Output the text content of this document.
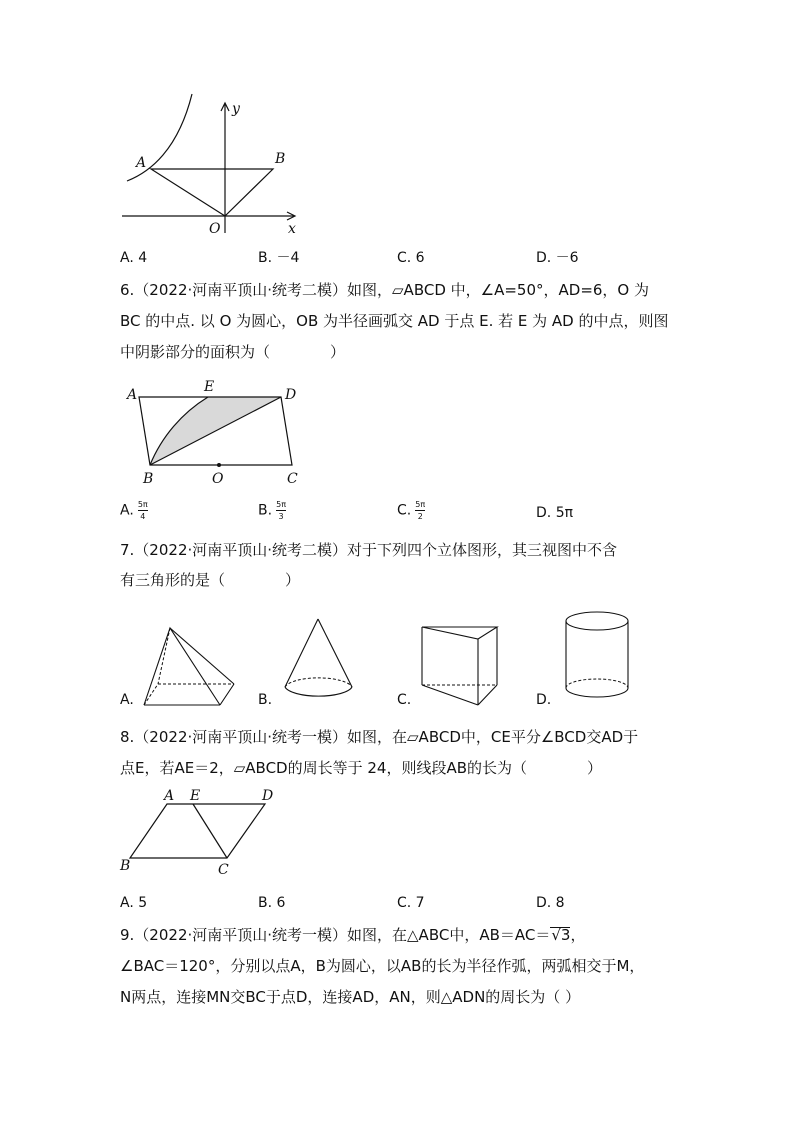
y
A	B
O	x
A. 4	B. －4	C. 6	D. －6
6.（2022·河南平顶山·统考二模）如图，▱ABCD 中，∠A=50°，AD=6，O 为
BC 的中点. 以 O 为圆心，OB 为半径画弧交 AD 于点 E. 若 E 为 AD 的中点，则图
中阴影部分的面积为（　　　　）
A	E	D
B	O	C
A. $\frac{5\pi}{4}$	B. $\frac{5\pi}{3}$	C. $\frac{5\pi}{2}$	D. 5π
7.（2022·河南平顶山·统考二模）对于下列四个立体图形，其三视图中不含
有三角形的是（　　　　）
A.	B.	C.	D.
8.（2022·河南平顶山·统考一模）如图，在▱ABCD中，CE平分∠BCD交AD于
点E，若AE＝2，▱ABCD的周长等于 24，则线段AB的长为（　　　　）
A E	D
B	C
A. 5	B. 6	C. 7	D. 8
9.（2022·河南平顶山·统考一模）如图，在△ABC中，AB＝AC＝√3，
∠BAC＝120°，分别以点A，B为圆心，以AB的长为半径作弧，两弧相交于M，
N两点，连接MN交BC于点D，连接AD，AN，则△ADN的周长为（ ）
